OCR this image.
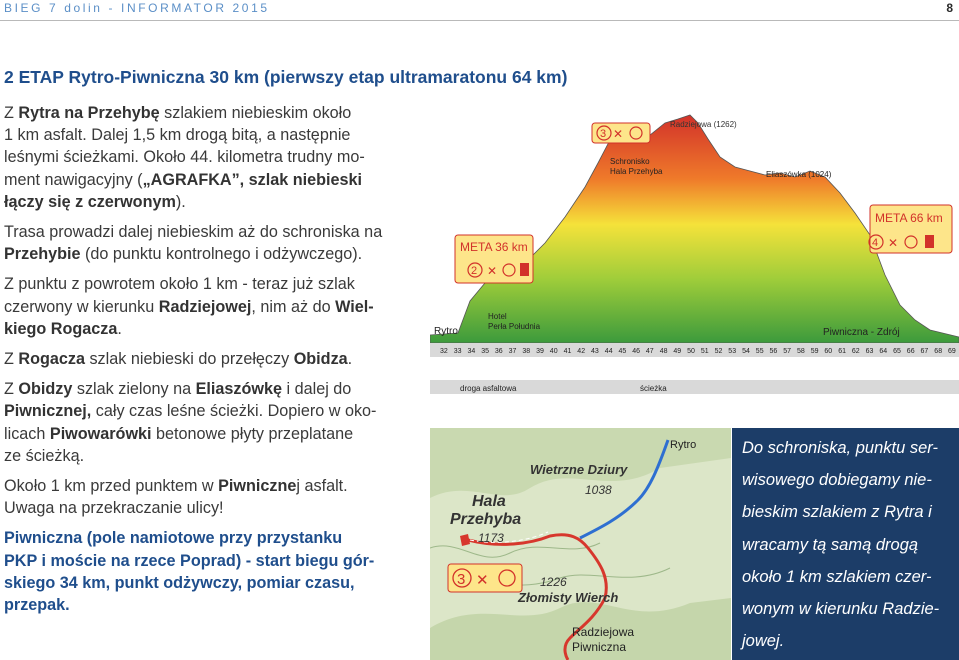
BIEG 7 dolin - INFORMATOR 2015	8
2 ETAP Rytro-Piwniczna 30 km (pierwszy etap ultramaratonu 64 km)

Z Rytra na Przehybę szlakiem niebieskim około
1 km asfalt. Dalej 1,5 km drogą bitą, a następnie
leśnymi ścieżkami. Około 44. kilometra trudny mo-
ment nawigacyjny („AGRAFKA”, szlak niebieski
łączy się z czerwonym).

Trasa prowadzi dalej niebieskim aż do schroniska na
Przehybie (do punktu kontrolnego i odżywczego).

Z punktu z powrotem około 1 km - teraz już szlak
czerwony w kierunku Radziejowej, nim aż do Wiel-
kiego Rogacza.

Z Rogacza szlak niebieski do przełęczy Obidza.

Z Obidzy szlak zielony na Eliaszówkę i dalej do
Piwnicznej, cały czas leśne ścieżki. Dopiero w oko-
licach Piwowarówki betonowe płyty przeplatane
ze ścieżką.

Około 1 km przed punktem w Piwnicznej asfalt.
Uwaga na przekraczanie ulicy!

Piwniczna (pole namiotowe przy przystanku
PKP i moście na rzece Poprad) - start biegu gór-
skiego 34 km, punkt odżywczy, pomiar czasu,
przepak.

32 33 34 35 36 37 38 39 40 41 42 43 44 45 46 47 48 49 50 51 52 53 54 55 56 57 58 59 60 61 62 63 64 65 66 67 68 69
Radziejowa (1262)
Schronisko
Hala Przehyba	Eliaszówka (1024)
3 ✕
META 36 km
2 ✕
META 66 km
4 ✕
Hotel
Perła Południa
Rytro	Piwniczna - Zdrój
droga asfaltowa	ścieżka
Rytro
Wietrzne Dziury
1038
Hala
Przehyba
1173
3 ✕	1226
Złomisty Wierch
Radziejowa
Piwniczna
Do schroniska, punktu ser-
wisowego dobiegamy nie-
bieskim szlakiem z Rytra i
wracamy tą samą drogą
około 1 km szlakiem czer-
wonym w kierunku Radzie-
jowej.
